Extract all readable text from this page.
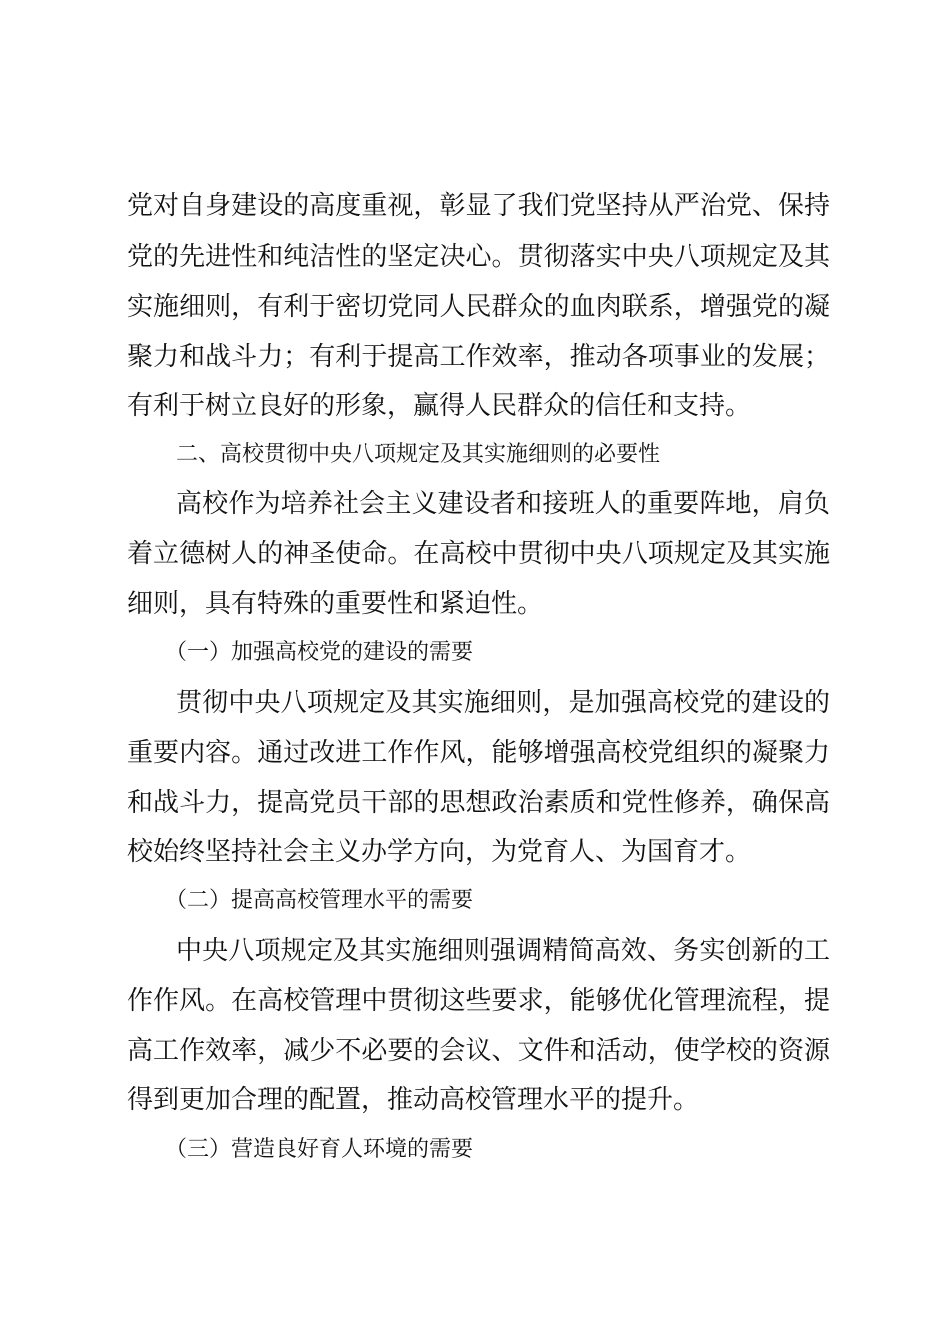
党对自身建设的高度重视，彰显了我们党坚持从严治党、保持
党的先进性和纯洁性的坚定决心。贯彻落实中央八项规定及其
实施细则，有利于密切党同人民群众的血肉联系，增强党的凝
聚力和战斗力；有利于提高工作效率，推动各项事业的发展；
有利于树立良好的形象，赢得人民群众的信任和支持。
二、高校贯彻中央八项规定及其实施细则的必要性
高校作为培养社会主义建设者和接班人的重要阵地，肩负
着立德树人的神圣使命。在高校中贯彻中央八项规定及其实施
细则，具有特殊的重要性和紧迫性。
（一）加强高校党的建设的需要
贯彻中央八项规定及其实施细则，是加强高校党的建设的
重要内容。通过改进工作作风，能够增强高校党组织的凝聚力
和战斗力，提高党员干部的思想政治素质和党性修养，确保高
校始终坚持社会主义办学方向，为党育人、为国育才。
（二）提高高校管理水平的需要
中央八项规定及其实施细则强调精简高效、务实创新的工
作作风。在高校管理中贯彻这些要求，能够优化管理流程，提
高工作效率，减少不必要的会议、文件和活动，使学校的资源
得到更加合理的配置，推动高校管理水平的提升。
（三）营造良好育人环境的需要
